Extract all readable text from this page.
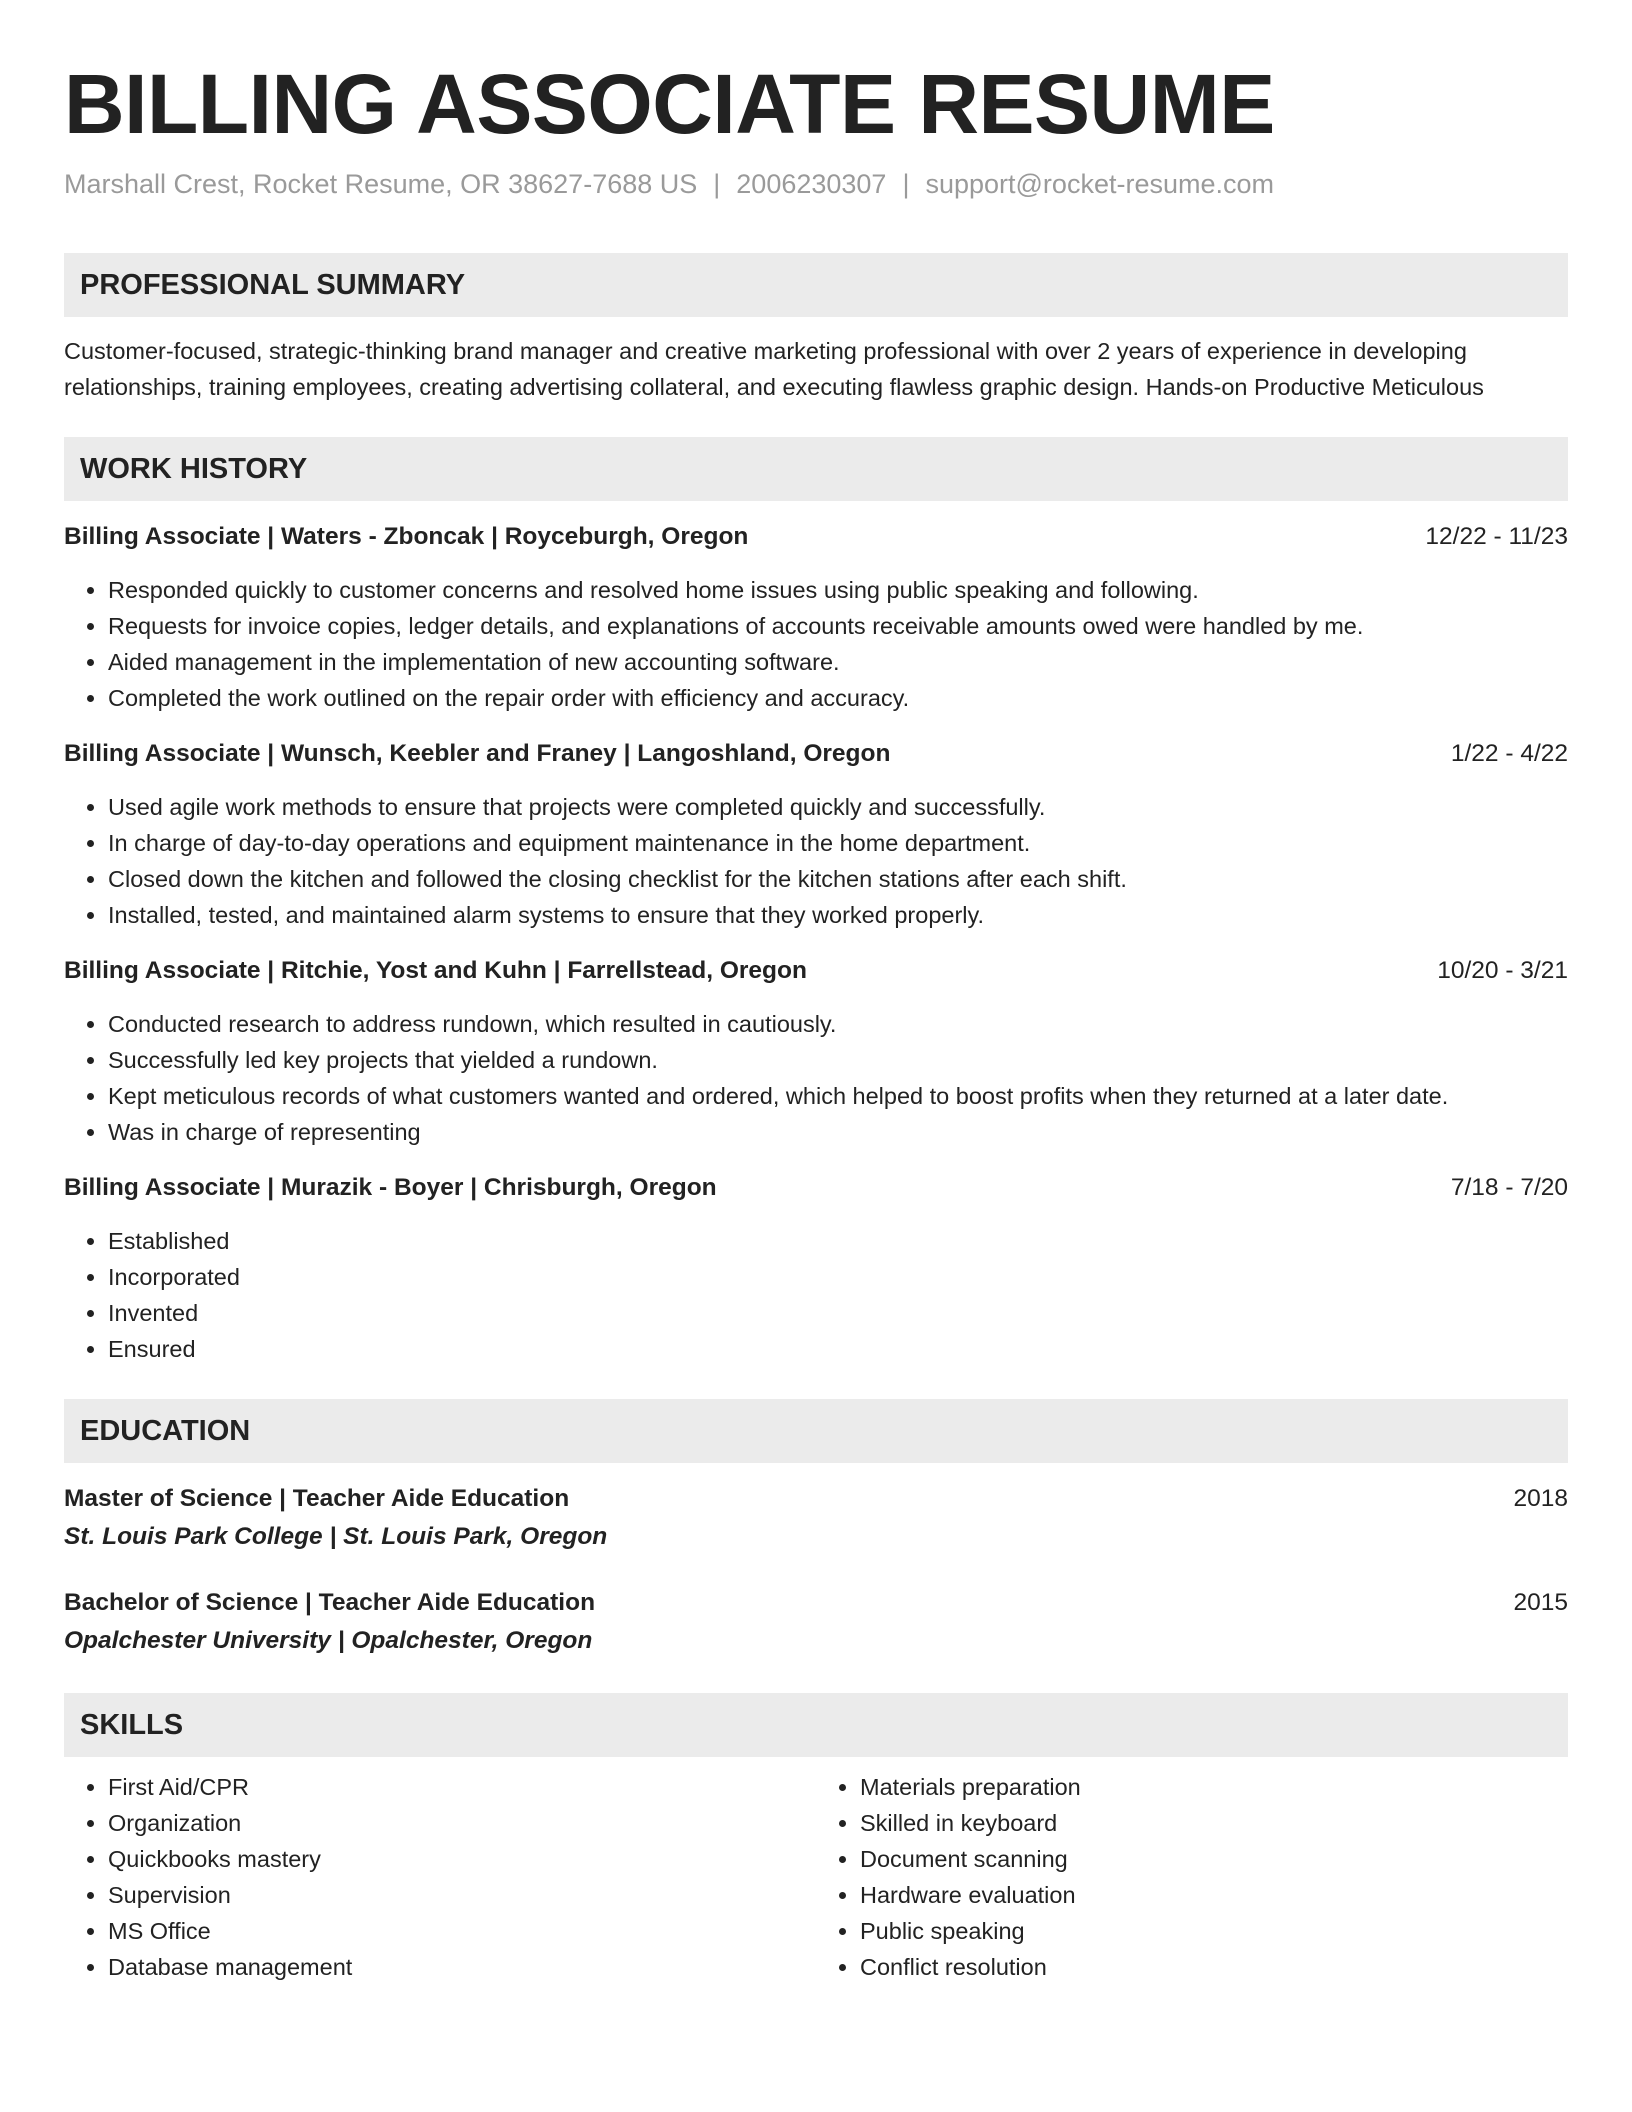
BILLING ASSOCIATE RESUME
Marshall Crest, Rocket Resume, OR 38627-7688 US | 2006230307 | support@rocket-resume.com
PROFESSIONAL SUMMARY
Customer-focused, strategic-thinking brand manager and creative marketing professional with over 2 years of experience in developing relationships, training employees, creating advertising collateral, and executing flawless graphic design. Hands-on Productive Meticulous
WORK HISTORY
Billing Associate | Waters - Zboncak | Royceburgh, Oregon	12/22 - 11/23
• Responded quickly to customer concerns and resolved home issues using public speaking and following.
• Requests for invoice copies, ledger details, and explanations of accounts receivable amounts owed were handled by me.
• Aided management in the implementation of new accounting software.
• Completed the work outlined on the repair order with efficiency and accuracy.
Billing Associate | Wunsch, Keebler and Franey | Langoshland, Oregon	1/22 - 4/22
• Used agile work methods to ensure that projects were completed quickly and successfully.
• In charge of day-to-day operations and equipment maintenance in the home department.
• Closed down the kitchen and followed the closing checklist for the kitchen stations after each shift.
• Installed, tested, and maintained alarm systems to ensure that they worked properly.
Billing Associate | Ritchie, Yost and Kuhn | Farrellstead, Oregon	10/20 - 3/21
• Conducted research to address rundown, which resulted in cautiously.
• Successfully led key projects that yielded a rundown.
• Kept meticulous records of what customers wanted and ordered, which helped to boost profits when they returned at a later date.
• Was in charge of representing
Billing Associate | Murazik - Boyer | Chrisburgh, Oregon	7/18 - 7/20
• Established
• Incorporated
• Invented
• Ensured
EDUCATION
Master of Science | Teacher Aide Education	2018
St. Louis Park College | St. Louis Park, Oregon
Bachelor of Science | Teacher Aide Education	2015
Opalchester University | Opalchester, Oregon
SKILLS
• First Aid/CPR
• Organization
• Quickbooks mastery
• Supervision
• MS Office
• Database management
• Materials preparation
• Skilled in keyboard
• Document scanning
• Hardware evaluation
• Public speaking
• Conflict resolution
